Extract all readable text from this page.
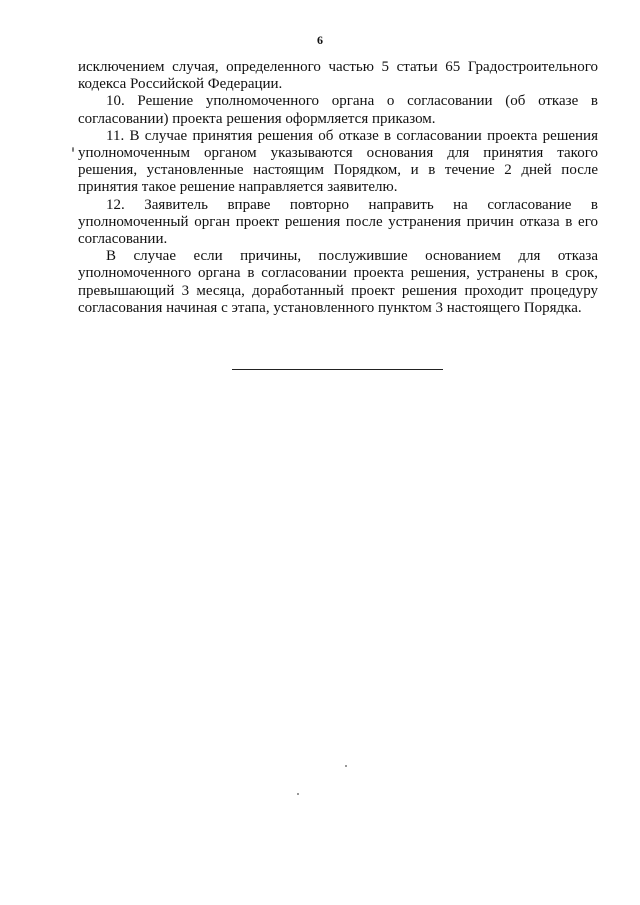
6

исключением случая, определенного частью 5 статьи 65 Градостроительного кодекса Российской Федерации.

10. Решение уполномоченного органа о согласовании (об отказе в согласовании) проекта решения оформляется приказом.

11. В случае принятия решения об отказе в согласовании проекта решения уполномоченным органом указываются основания для принятия такого решения, установленные настоящим Порядком, и в течение 2 дней после принятия такое решение направляется заявителю.

12. Заявитель вправе повторно направить на согласование в уполномоченный орган проект решения после устранения причин отказа в его согласовании.

В случае если причины, послужившие основанием для отказа уполномоченного органа в согласовании проекта решения, устранены в срок, превышающий 3 месяца, доработанный проект решения проходит процедуру согласования начиная с этапа, установленного пунктом 3 настоящего Порядка.
